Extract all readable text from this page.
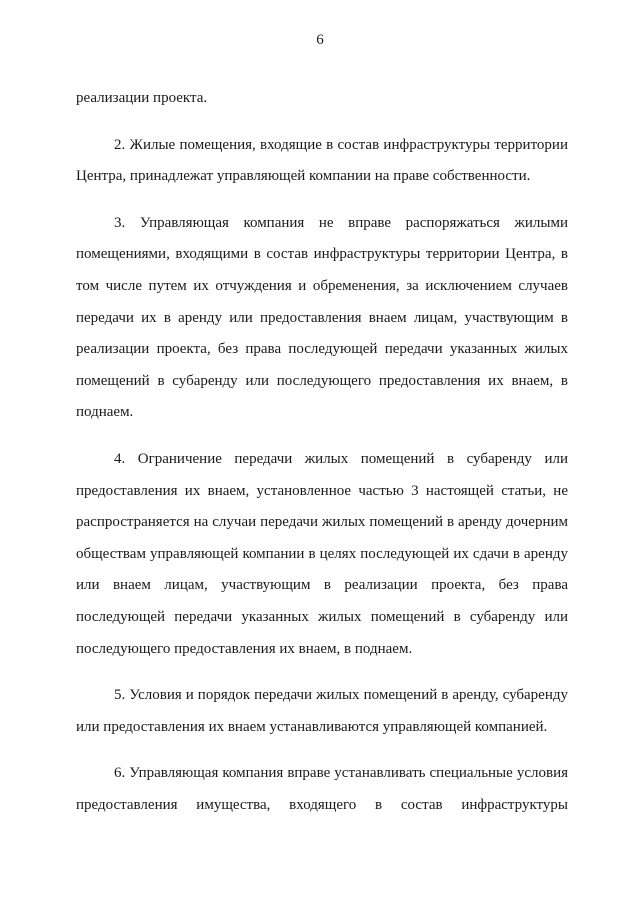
6

реализации проекта.

2. Жилые помещения, входящие в состав инфраструктуры территории Центра, принадлежат управляющей компании на праве собственности.

3. Управляющая компания не вправе распоряжаться жилыми помещениями, входящими в состав инфраструктуры территории Центра, в том числе путем их отчуждения и обременения, за исключением случаев передачи их в аренду или предоставления внаем лицам, участвующим в реализации проекта, без права последующей передачи указанных жилых помещений в субаренду или последующего предоставления их внаем, в поднаем.

4. Ограничение передачи жилых помещений в субаренду или предоставления их внаем, установленное частью 3 настоящей статьи, не распространяется на случаи передачи жилых помещений в аренду дочерним обществам управляющей компании в целях последующей их сдачи в аренду или внаем лицам, участвующим в реализации проекта, без права последующей передачи указанных жилых помещений в субаренду или последующего предоставления их внаем, в поднаем.

5. Условия и порядок передачи жилых помещений в аренду, субаренду или предоставления их внаем устанавливаются управляющей компанией.

6. Управляющая компания вправе устанавливать специальные условия предоставления имущества, входящего в состав инфраструктуры
